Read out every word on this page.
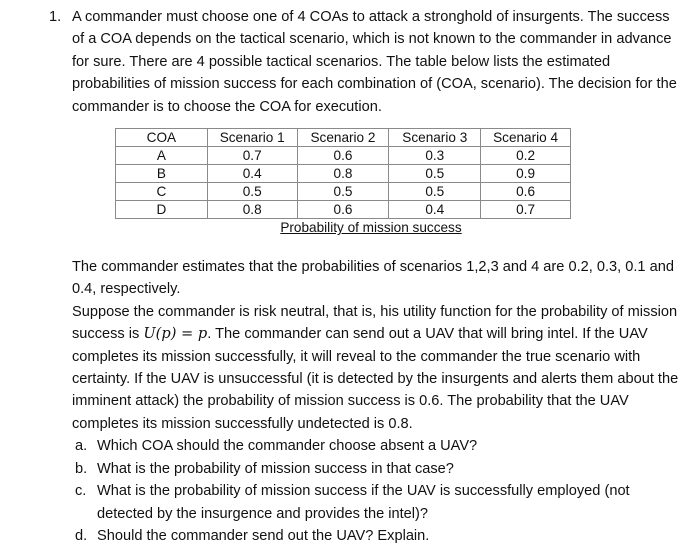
1. A commander must choose one of 4 COAs to attack a stronghold of insurgents. The success of a COA depends on the tactical scenario, which is not known to the commander in advance for sure. There are 4 possible tactical scenarios. The table below lists the estimated probabilities of mission success for each combination of (COA, scenario). The decision for the commander is to choose the COA for execution.
COA	Scenario 1	Scenario 2	Scenario 3	Scenario 4
A	0.7	0.6	0.3	0.2
B	0.4	0.8	0.5	0.9
C	0.5	0.5	0.5	0.6
D	0.8	0.6	0.4	0.7
Probability of mission success

The commander estimates that the probabilities of scenarios 1,2,3 and 4 are 0.2, 0.3, 0.1 and 0.4, respectively.

Suppose the commander is risk neutral, that is, his utility function for the probability of mission success is U(p) = p. The commander can send out a UAV that will bring intel. If the UAV completes its mission successfully, it will reveal to the commander the true scenario with certainty. If the UAV is unsuccessful (it is detected by the insurgents and alerts them about the imminent attack) the probability of mission success is 0.6. The probability that the UAV completes its mission successfully undetected is 0.8.

a. Which COA should the commander choose absent a UAV?
b. What is the probability of mission success in that case?
c. What is the probability of mission success if the UAV is successfully employed (not detected by the insurgence and provides the intel)?
d. Should the commander send out the UAV? Explain.
